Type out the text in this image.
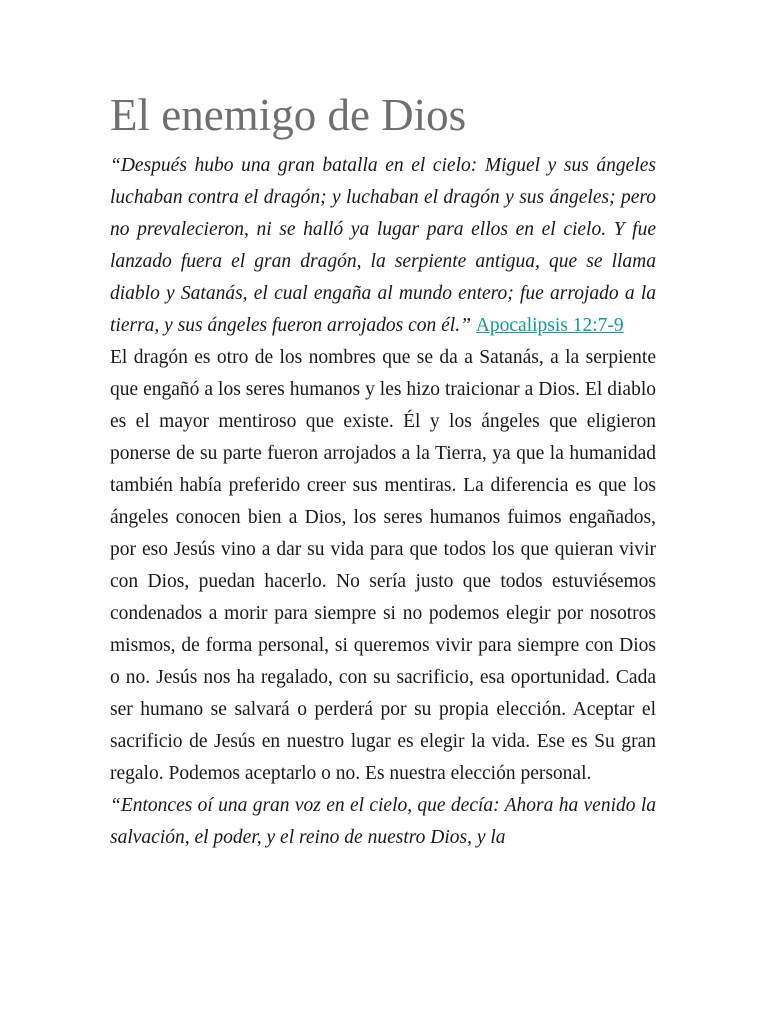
El enemigo de Dios

“Después hubo una gran batalla en el cielo: Miguel y sus ángeles luchaban contra el dragón; y luchaban el dragón y sus ángeles; pero no prevalecieron, ni se halló ya lugar para ellos en el cielo. Y fue lanzado fuera el gran dragón, la serpiente antigua, que se llama diablo y Satanás, el cual engaña al mundo entero; fue arrojado a la tierra, y sus ángeles fueron arrojados con él.” Apocalipsis 12:7-9

El dragón es otro de los nombres que se da a Satanás, a la serpiente que engañó a los seres humanos y les hizo traicionar a Dios. El diablo es el mayor mentiroso que existe. Él y los ángeles que eligieron ponerse de su parte fueron arrojados a la Tierra, ya que la humanidad también había preferido creer sus mentiras. La diferencia es que los ángeles conocen bien a Dios, los seres humanos fuimos engañados, por eso Jesús vino a dar su vida para que todos los que quieran vivir con Dios, puedan hacerlo. No sería justo que todos estuviésemos condenados a morir para siempre si no podemos elegir por nosotros mismos, de forma personal, si queremos vivir para siempre con Dios o no. Jesús nos ha regalado, con su sacrificio, esa oportunidad. Cada ser humano se salvará o perderá por su propia elección. Aceptar el sacrificio de Jesús en nuestro lugar es elegir la vida. Ese es Su gran regalo. Podemos aceptarlo o no. Es nuestra elección personal.

“Entonces oí una gran voz en el cielo, que decía: Ahora ha venido la salvación, el poder, y el reino de nuestro Dios, y la
